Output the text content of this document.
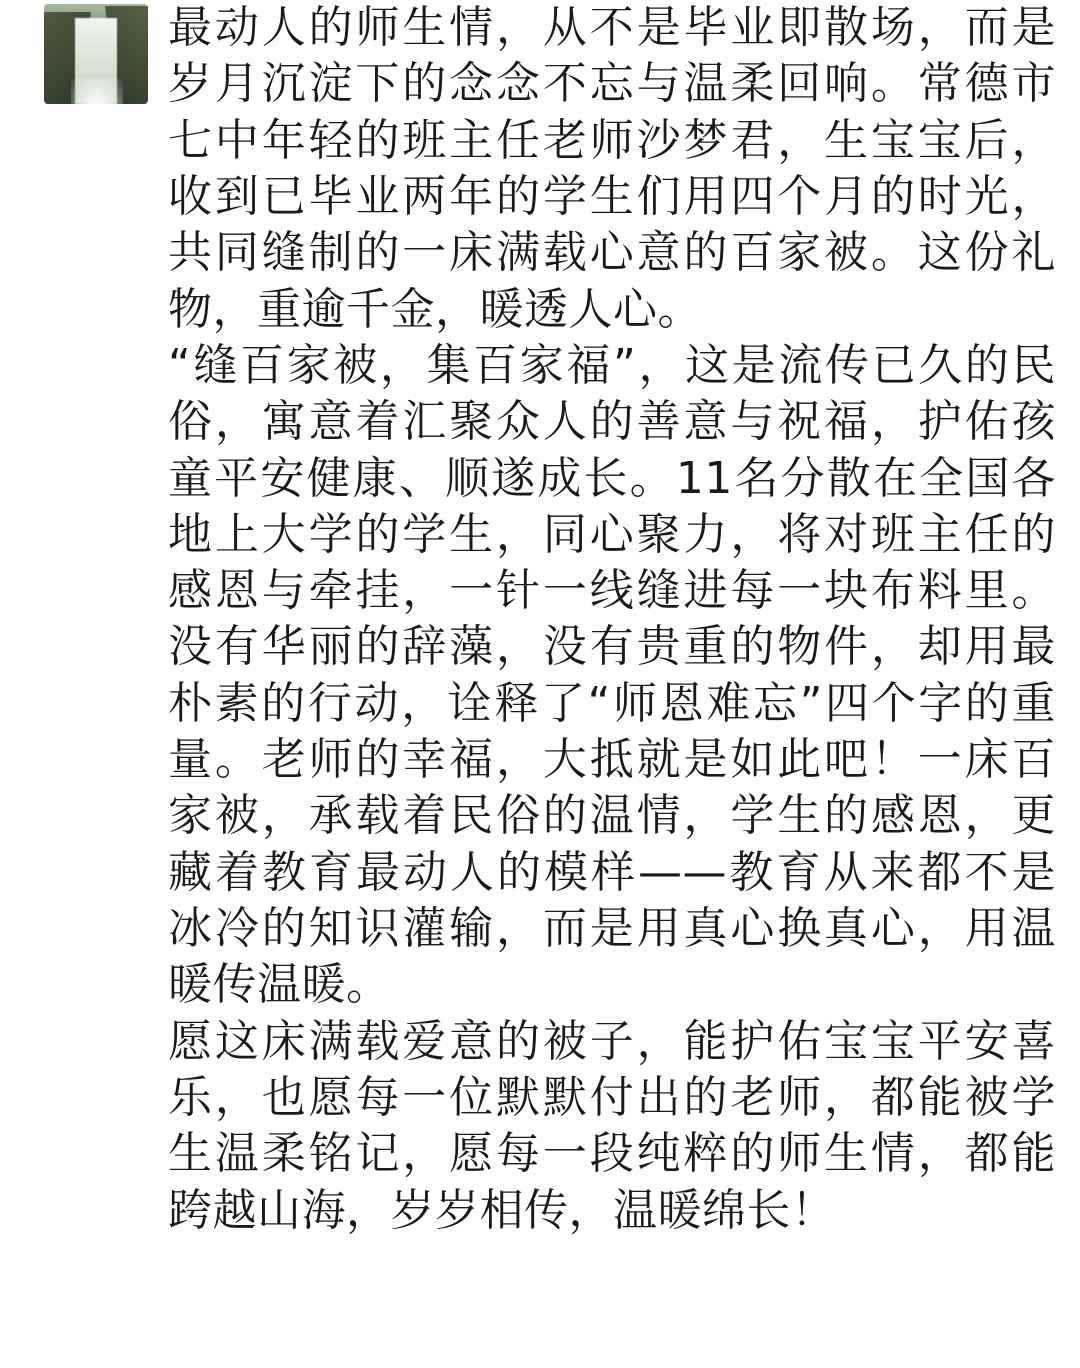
最动人的师生情，从不是毕业即散场，而是岁月沉淀下的念念不忘与温柔回响。常德市七中年轻的班主任老师沙梦君，生宝宝后，收到已毕业两年的学生们用四个月的时光，共同缝制的一床满载心意的百家被。这份礼物，重逾千金，暖透人心。

“缝百家被，集百家福”，这是流传已久的民俗，寓意着汇聚众人的善意与祝福，护佑孩童平安健康、顺遂成长。11名分散在全国各地上大学的学生，同心聚力，将对班主任的感恩与牵挂，一针一线缝进每一块布料里。没有华丽的辞藻，没有贵重的物件，却用最朴素的行动，诠释了“师恩难忘”四个字的重量。老师的幸福，大抵就是如此吧！一床百家被，承载着民俗的温情，学生的感恩，更藏着教育最动人的模样——教育从来都不是冰冷的知识灌输，而是用真心换真心，用温暖传温暖。

愿这床满载爱意的被子，能护佑宝宝平安喜乐，也愿每一位默默付出的老师，都能被学生温柔铭记，愿每一段纯粹的师生情，都能跨越山海，岁岁相传，温暖绵长！
